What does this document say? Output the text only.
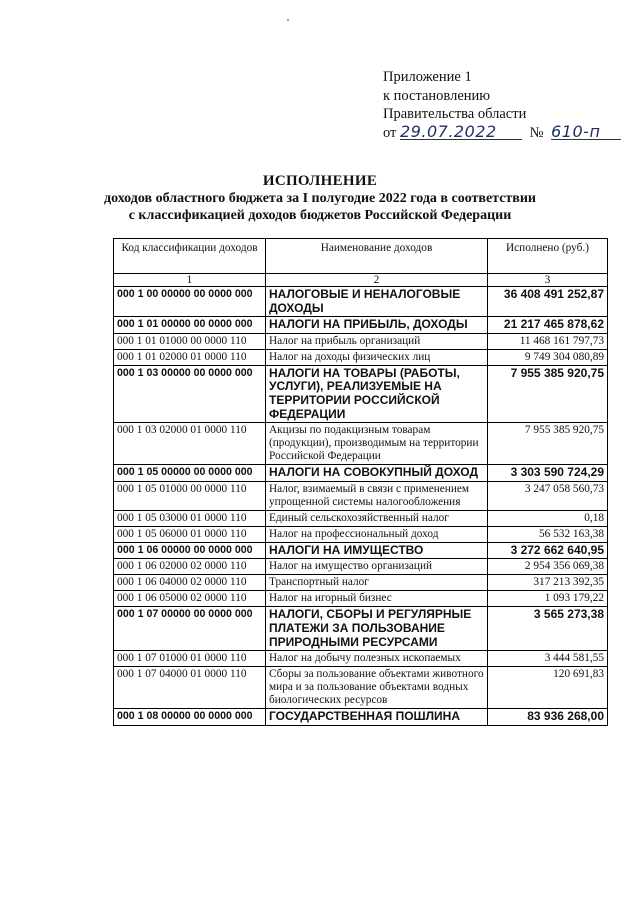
Приложение 1
к постановлению
Правительства области
от 29.07.2022 № 610-п
ИСПОЛНЕНИЕ
доходов областного бюджета за I полугодие 2022 года в соответствии
с классификацией доходов бюджетов Российской Федерации
Код классификации доходов	Наименование доходов	Исполнено (руб.)
1	2	3
000 1 00 00000 00 0000 000	НАЛОГОВЫЕ И НЕНАЛОГОВЫЕ ДОХОДЫ	36 408 491 252,87
000 1 01 00000 00 0000 000	НАЛОГИ НА ПРИБЫЛЬ, ДОХОДЫ	21 217 465 878,62
000 1 01 01000 00 0000 110	Налог на прибыль организаций	11 468 161 797,73
000 1 01 02000 01 0000 110	Налог на доходы физических лиц	9 749 304 080,89
000 1 03 00000 00 0000 000	НАЛОГИ НА ТОВАРЫ (РАБОТЫ, УСЛУГИ), РЕАЛИЗУЕМЫЕ НА ТЕРРИТОРИИ РОССИЙСКОЙ ФЕДЕРАЦИИ	7 955 385 920,75
000 1 03 02000 01 0000 110	Акцизы по подакцизным товарам (продукции), производимым на территории Российской Федерации	7 955 385 920,75
000 1 05 00000 00 0000 000	НАЛОГИ НА СОВОКУПНЫЙ ДОХОД	3 303 590 724,29
000 1 05 01000 00 0000 110	Налог, взимаемый в связи с применением упрощенной системы налогообложения	3 247 058 560,73
000 1 05 03000 01 0000 110	Единый сельскохозяйственный налог	0,18
000 1 05 06000 01 0000 110	Налог на профессиональный доход	56 532 163,38
000 1 06 00000 00 0000 000	НАЛОГИ НА ИМУЩЕСТВО	3 272 662 640,95
000 1 06 02000 02 0000 110	Налог на имущество организаций	2 954 356 069,38
000 1 06 04000 02 0000 110	Транспортный налог	317 213 392,35
000 1 06 05000 02 0000 110	Налог на игорный бизнес	1 093 179,22
000 1 07 00000 00 0000 000	НАЛОГИ, СБОРЫ И РЕГУЛЯРНЫЕ ПЛАТЕЖИ ЗА ПОЛЬЗОВАНИЕ ПРИРОДНЫМИ РЕСУРСАМИ	3 565 273,38
000 1 07 01000 01 0000 110	Налог на добычу полезных ископаемых	3 444 581,55
000 1 07 04000 01 0000 110	Сборы за пользование объектами животного мира и за пользование объектами водных биологических ресурсов	120 691,83
000 1 08 00000 00 0000 000	ГОСУДАРСТВЕННАЯ ПОШЛИНА	83 936 268,00
